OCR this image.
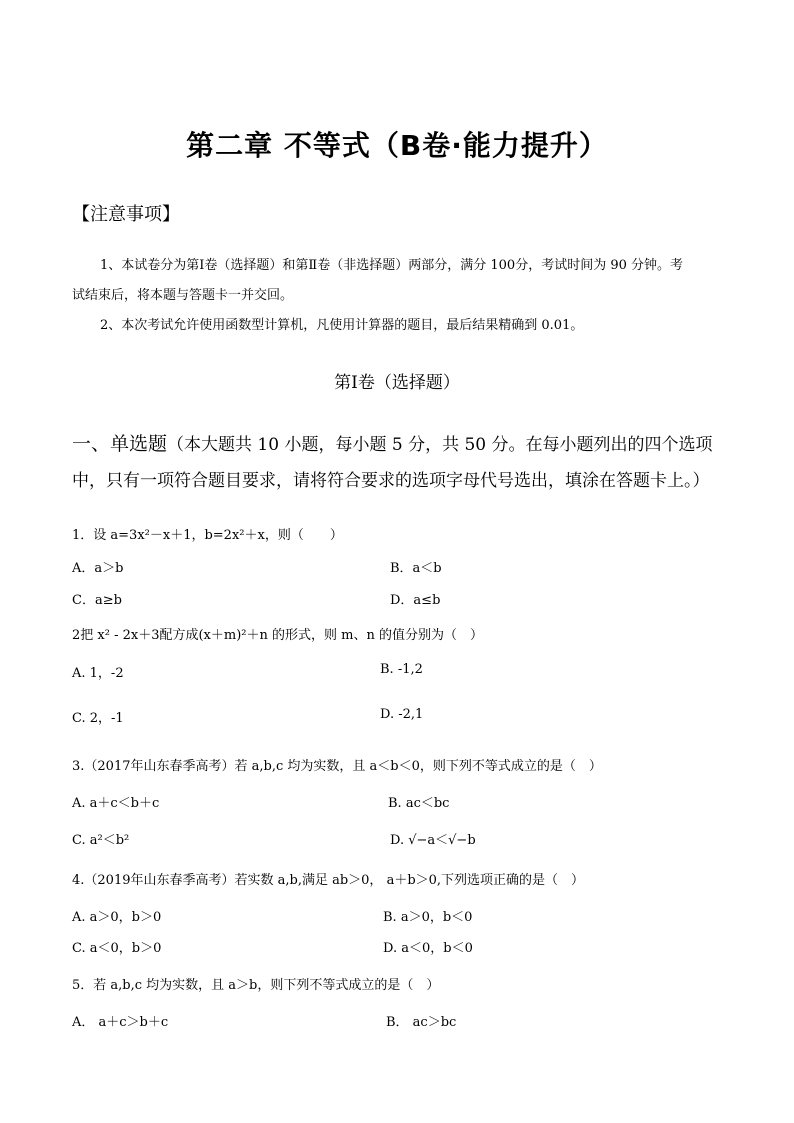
第二章 不等式（B卷·能力提升）
【注意事项】
1、本试卷分为第Ⅰ卷（选择题）和第Ⅱ卷（非选择题）两部分，满分 100分，考试时间为 90 分钟。考
试结束后，将本题与答题卡一并交回。
2、本次考试允许使用函数型计算机，凡使用计算器的题目，最后结果精确到 0.01。
第Ⅰ卷（选择题）
一、单选题（本大题共 10 小题，每小题 5 分，共 50 分。在每小题列出的四个选项中，只有一项符合题目要求，请将符合要求的选项字母代号选出，填涂在答题卡上。）
1．设 a=3x²－x＋1，b=2x²＋x，则（　　）
A．a＞b	B．a＜b
C．a≥b	D．a≤b
2把 x² - 2x＋3配方成(x＋m)²＋n 的形式，则 m、n 的值分别为（　）
A. 1，-2	B. -1,2
C. 2，-1	D. -2,1
3.（2017年山东春季高考）若 a,b,c 均为实数，且 a＜b＜0，则下列不等式成立的是（　）
A. a＋c＜b＋c	B. ac＜bc
C. a²＜b²	D. √−a＜√−b
4.（2019年山东春季高考）若实数 a,b,满足 ab＞0， a＋b＞0,下列选项正确的是（　）
A. a＞0，b＞0	B. a＞0，b＜0
C. a＜0，b＞0	D. a＜0，b＜0
5．若 a,b,c 均为实数，且 a＞b，则下列不等式成立的是（　）
A． a＋c＞b＋c	B． ac＞bc
